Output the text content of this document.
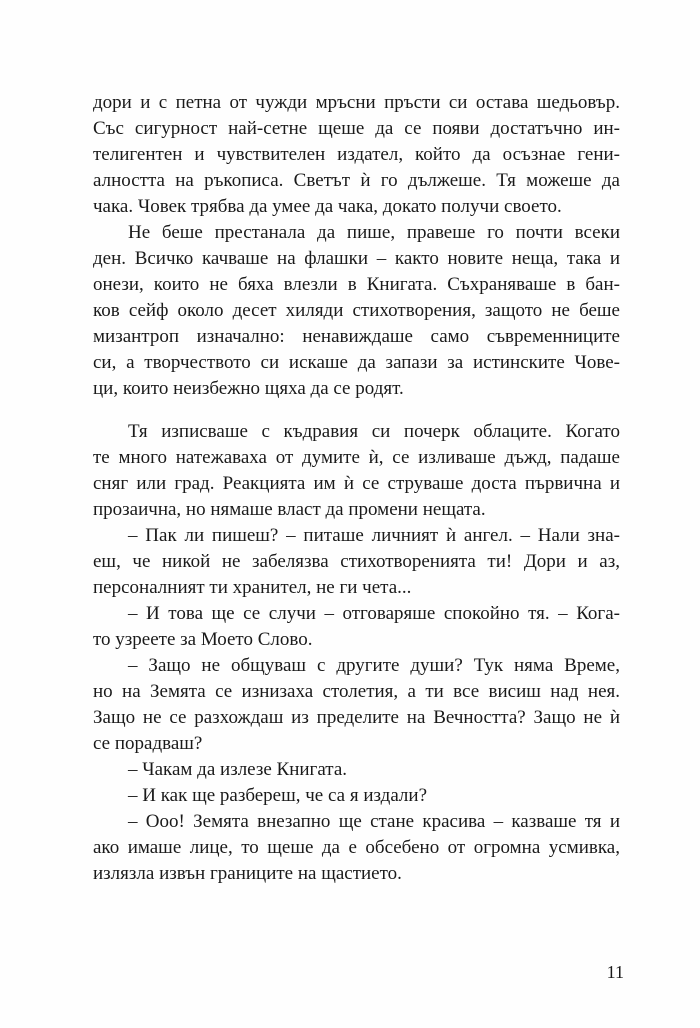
дори и с петна от чужди мръсни пръсти си остава шедьовър.
Със сигурност най-сетне щеше да се появи достатъчно ин-
телигентен и чувствителен издател, който да осъзнае гени-
алността на ръкописа. Светът ѝ го дължеше. Тя можеше да
чака. Човек трябва да умее да чака, докато получи своето.
Не беше престанала да пише, правеше го почти всеки
ден. Всичко качваше на флашки – както новите неща, така и
онези, които не бяха влезли в Книгата. Съхраняваше в бан-
ков сейф около десет хиляди стихотворения, защото не беше
мизантроп изначално: ненавиждаше само съвременниците
си, а творчеството си искаше да запази за истинските Чове-
ци, които неизбежно щяха да се родят.
Тя изписваше с къдравия си почерк облаците. Когато
те много натежаваха от думите ѝ, се изливаше дъжд, падаше
сняг или град. Реакцията им ѝ се струваше доста първична и
прозаична, но нямаше власт да промени нещата.
– Пак ли пишеш? – питаше личният ѝ ангел. – Нали зна-
еш, че никой не забелязва стихотворенията ти! Дори и аз,
персоналният ти хранител, не ги чета...
– И това ще се случи – отговаряше спокойно тя. – Кога-
то узреете за Моето Слово.
– Защо не общуваш с другите души? Тук няма Време,
но на Земята се изнизаха столетия, а ти все висиш над нея.
Защо не се разхождаш из пределите на Вечността? Защо не ѝ
се порадваш?
– Чакам да излезе Книгата.
– И как ще разбереш, че са я издали?
– Ооо! Земята внезапно ще стане красива – казваше тя и
ако имаше лице, то щеше да е обсебено от огромна усмивка,
излязла извън границите на щастието.
11
